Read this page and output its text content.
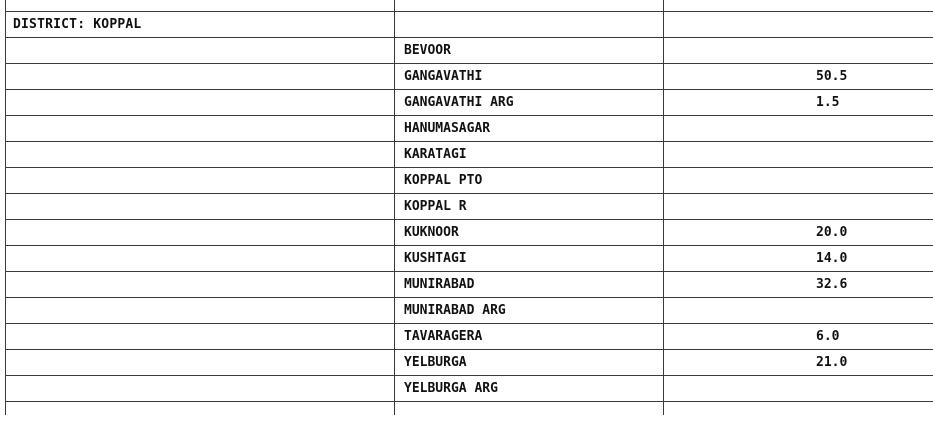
DISTRICT: KOPPAL		
	BEVOOR	
	GANGAVATHI	50.5
	GANGAVATHI ARG	1.5
	HANUMASAGAR	
	KARATAGI	
	KOPPAL PTO	
	KOPPAL R	
	KUKNOOR	20.0
	KUSHTAGI	14.0
	MUNIRABAD	32.6
	MUNIRABAD ARG	
	TAVARAGERA	6.0
	YELBURGA	21.0
	YELBURGA ARG	
